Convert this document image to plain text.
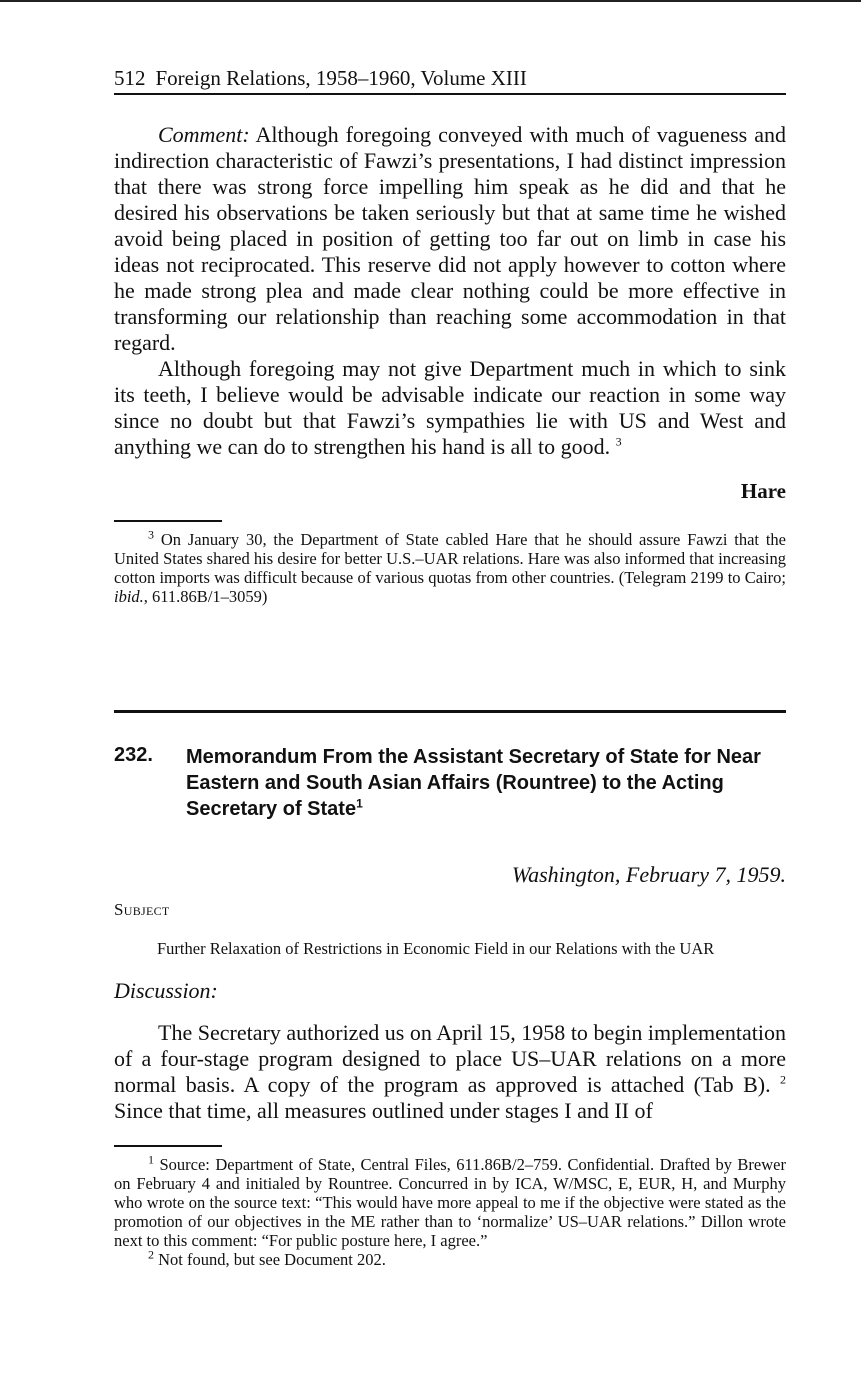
512 Foreign Relations, 1958–1960, Volume XIII

Comment: Although foregoing conveyed with much of vagueness and indirection characteristic of Fawzi’s presentations, I had distinct impression that there was strong force impelling him speak as he did and that he desired his observations be taken seriously but that at same time he wished avoid being placed in position of getting too far out on limb in case his ideas not reciprocated. This reserve did not apply however to cotton where he made strong plea and made clear nothing could be more effective in transforming our relationship than reaching some accommodation in that regard.

Although foregoing may not give Department much in which to sink its teeth, I believe would be advisable indicate our reaction in some way since no doubt but that Fawzi’s sympathies lie with US and West and anything we can do to strengthen his hand is all to good. $^3$

Hare

$^3$ On January 30, the Department of State cabled Hare that he should assure Fawzi that the United States shared his desire for better U.S.–UAR relations. Hare was also informed that increasing cotton imports was difficult because of various quotas from other countries. (Telegram 2199 to Cairo; ibid., 611.86B/1–3059)

232. Memorandum From the Assistant Secretary of State for Near Eastern and South Asian Affairs (Rountree) to the Acting Secretary of State$^1$
Washington, February 7, 1959.
Subject
Further Relaxation of Restrictions in Economic Field in our Relations with the UAR
Discussion:

The Secretary authorized us on April 15, 1958 to begin implementation of a four-stage program designed to place US–UAR relations on a more normal basis. A copy of the program as approved is attached (Tab B). $^2$ Since that time, all measures outlined under stages I and II of

$^1$ Source: Department of State, Central Files, 611.86B/2–759. Confidential. Drafted by Brewer on February 4 and initialed by Rountree. Concurred in by ICA, W/MSC, E, EUR, H, and Murphy who wrote on the source text: “This would have more appeal to me if the objective were stated as the promotion of our objectives in the ME rather than to ‘normalize’ US–UAR relations.” Dillon wrote next to this comment: “For public posture here, I agree.”

$^2$ Not found, but see Document 202.
